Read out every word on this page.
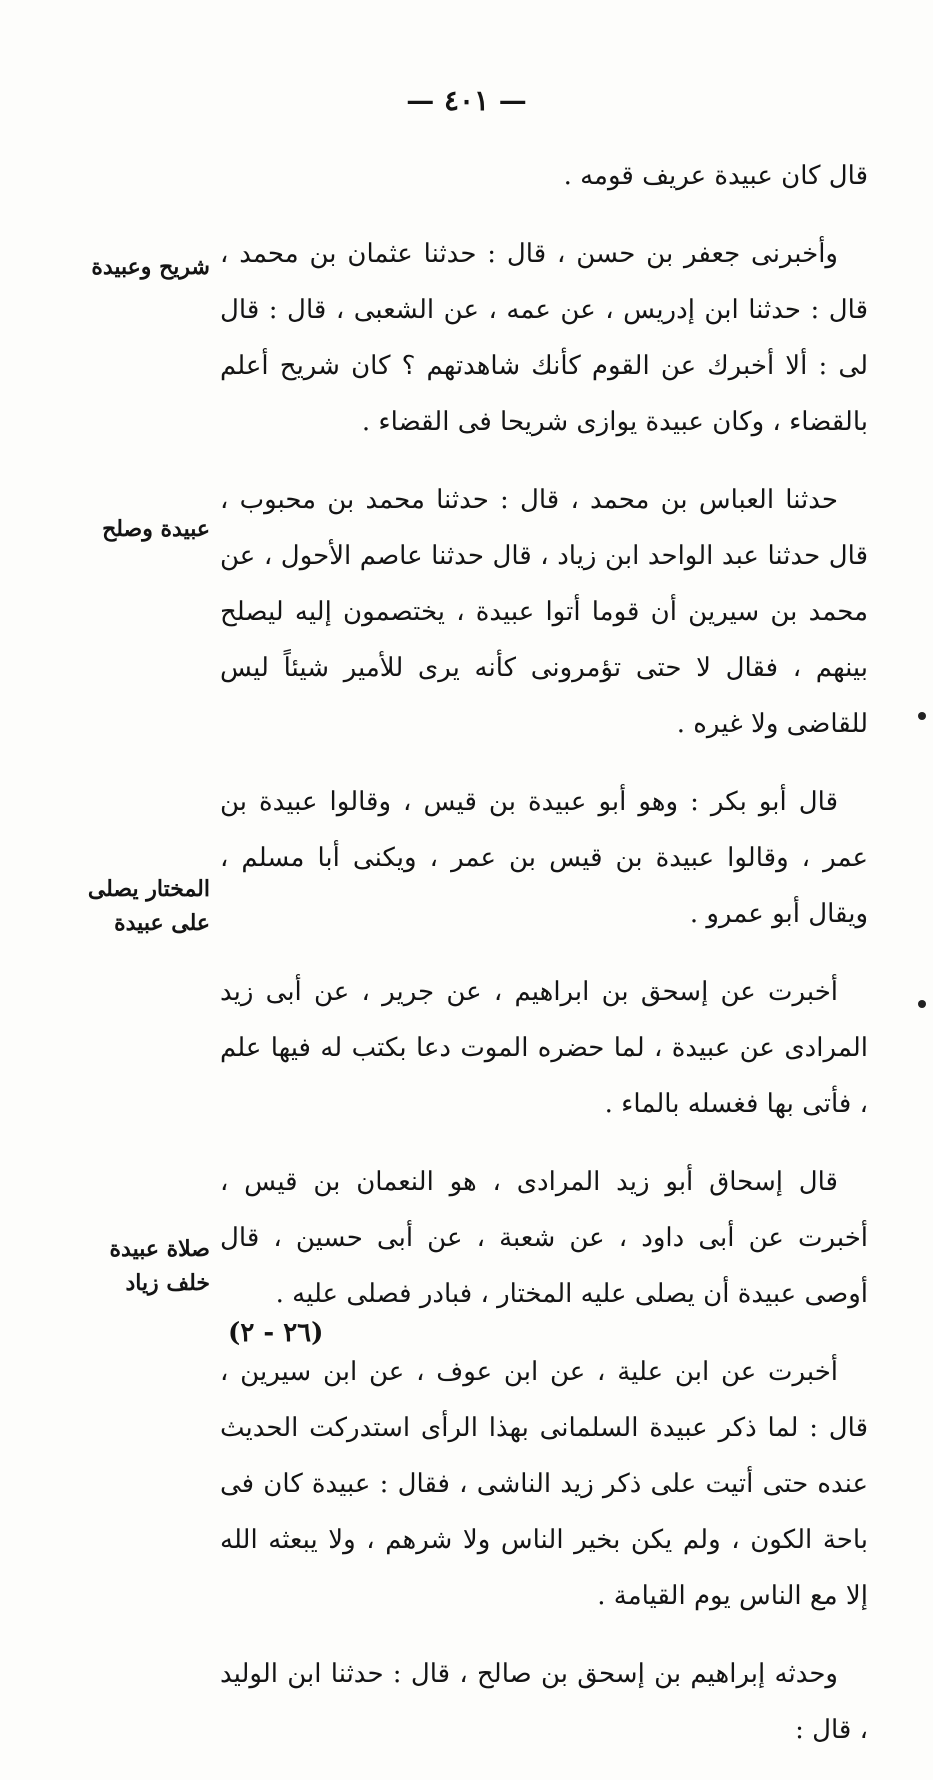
— ٤٠١ —

قال كان عبيدة عريف قومه .

وأخبرنى جعفر بن حسن ، قال : حدثنا عثمان بن محمد ، قال : حدثنا ابن إدريس ، عن عمه ، عن الشعبى ، قال : قال لى : ألا أخبرك عن القوم كأنك شاهدتهم ؟ كان شريح أعلم بالقضاء ، وكان عبيدة يوازى شريحا فى القضاء .

حدثنا العباس بن محمد ، قال : حدثنا محمد بن محبوب ، قال حدثنا عبد الواحد ابن زياد ، قال حدثنا عاصم الأحول ، عن محمد بن سيرين أن قوما أتوا عبيدة ، يختصمون إليه ليصلح بينهم ، فقال لا حتى تؤمرونى كأنه يرى للأمير شيئاً ليس للقاضى ولا غيره .

قال أبو بكر : وهو أبو عبيدة بن قيس ، وقالوا عبيدة بن عمر ، وقالوا عبيدة بن قيس بن عمر ، ويكنى أبا مسلم ، ويقال أبو عمرو .

أخبرت عن إسحق بن ابراهيم ، عن جرير ، عن أبى زيد المرادى عن عبيدة ، لما حضره الموت دعا بكتب له فيها علم ، فأتى بها فغسله بالماء .

قال إسحاق أبو زيد المرادى ، هو النعمان بن قيس ، أخبرت عن أبى داود ، عن شعبة ، عن أبى حسين ، قال أوصى عبيدة أن يصلى عليه المختار ، فبادر فصلى عليه .

أخبرت عن ابن علية ، عن ابن عوف ، عن ابن سيرين ، قال : لما ذكر عبيدة السلمانى بهذا الرأى استدركت الحديث عنده حتى أتيت على ذكر زيد الناشى ، فقال : عبيدة كان فى باحة الكون ، ولم يكن بخير الناس ولا شرهم ، ولا يبعثه الله إلا مع الناس يوم القيامة .

وحدثه إبراهيم بن إسحق بن صالح ، قال : حدثنا ابن الوليد ، قال :

شريح وعبيدة
عبيدة وصلح
المختار يصلى على عبيدة
صلاة عبيدة خلف زياد
(٢٦ - ٢)
